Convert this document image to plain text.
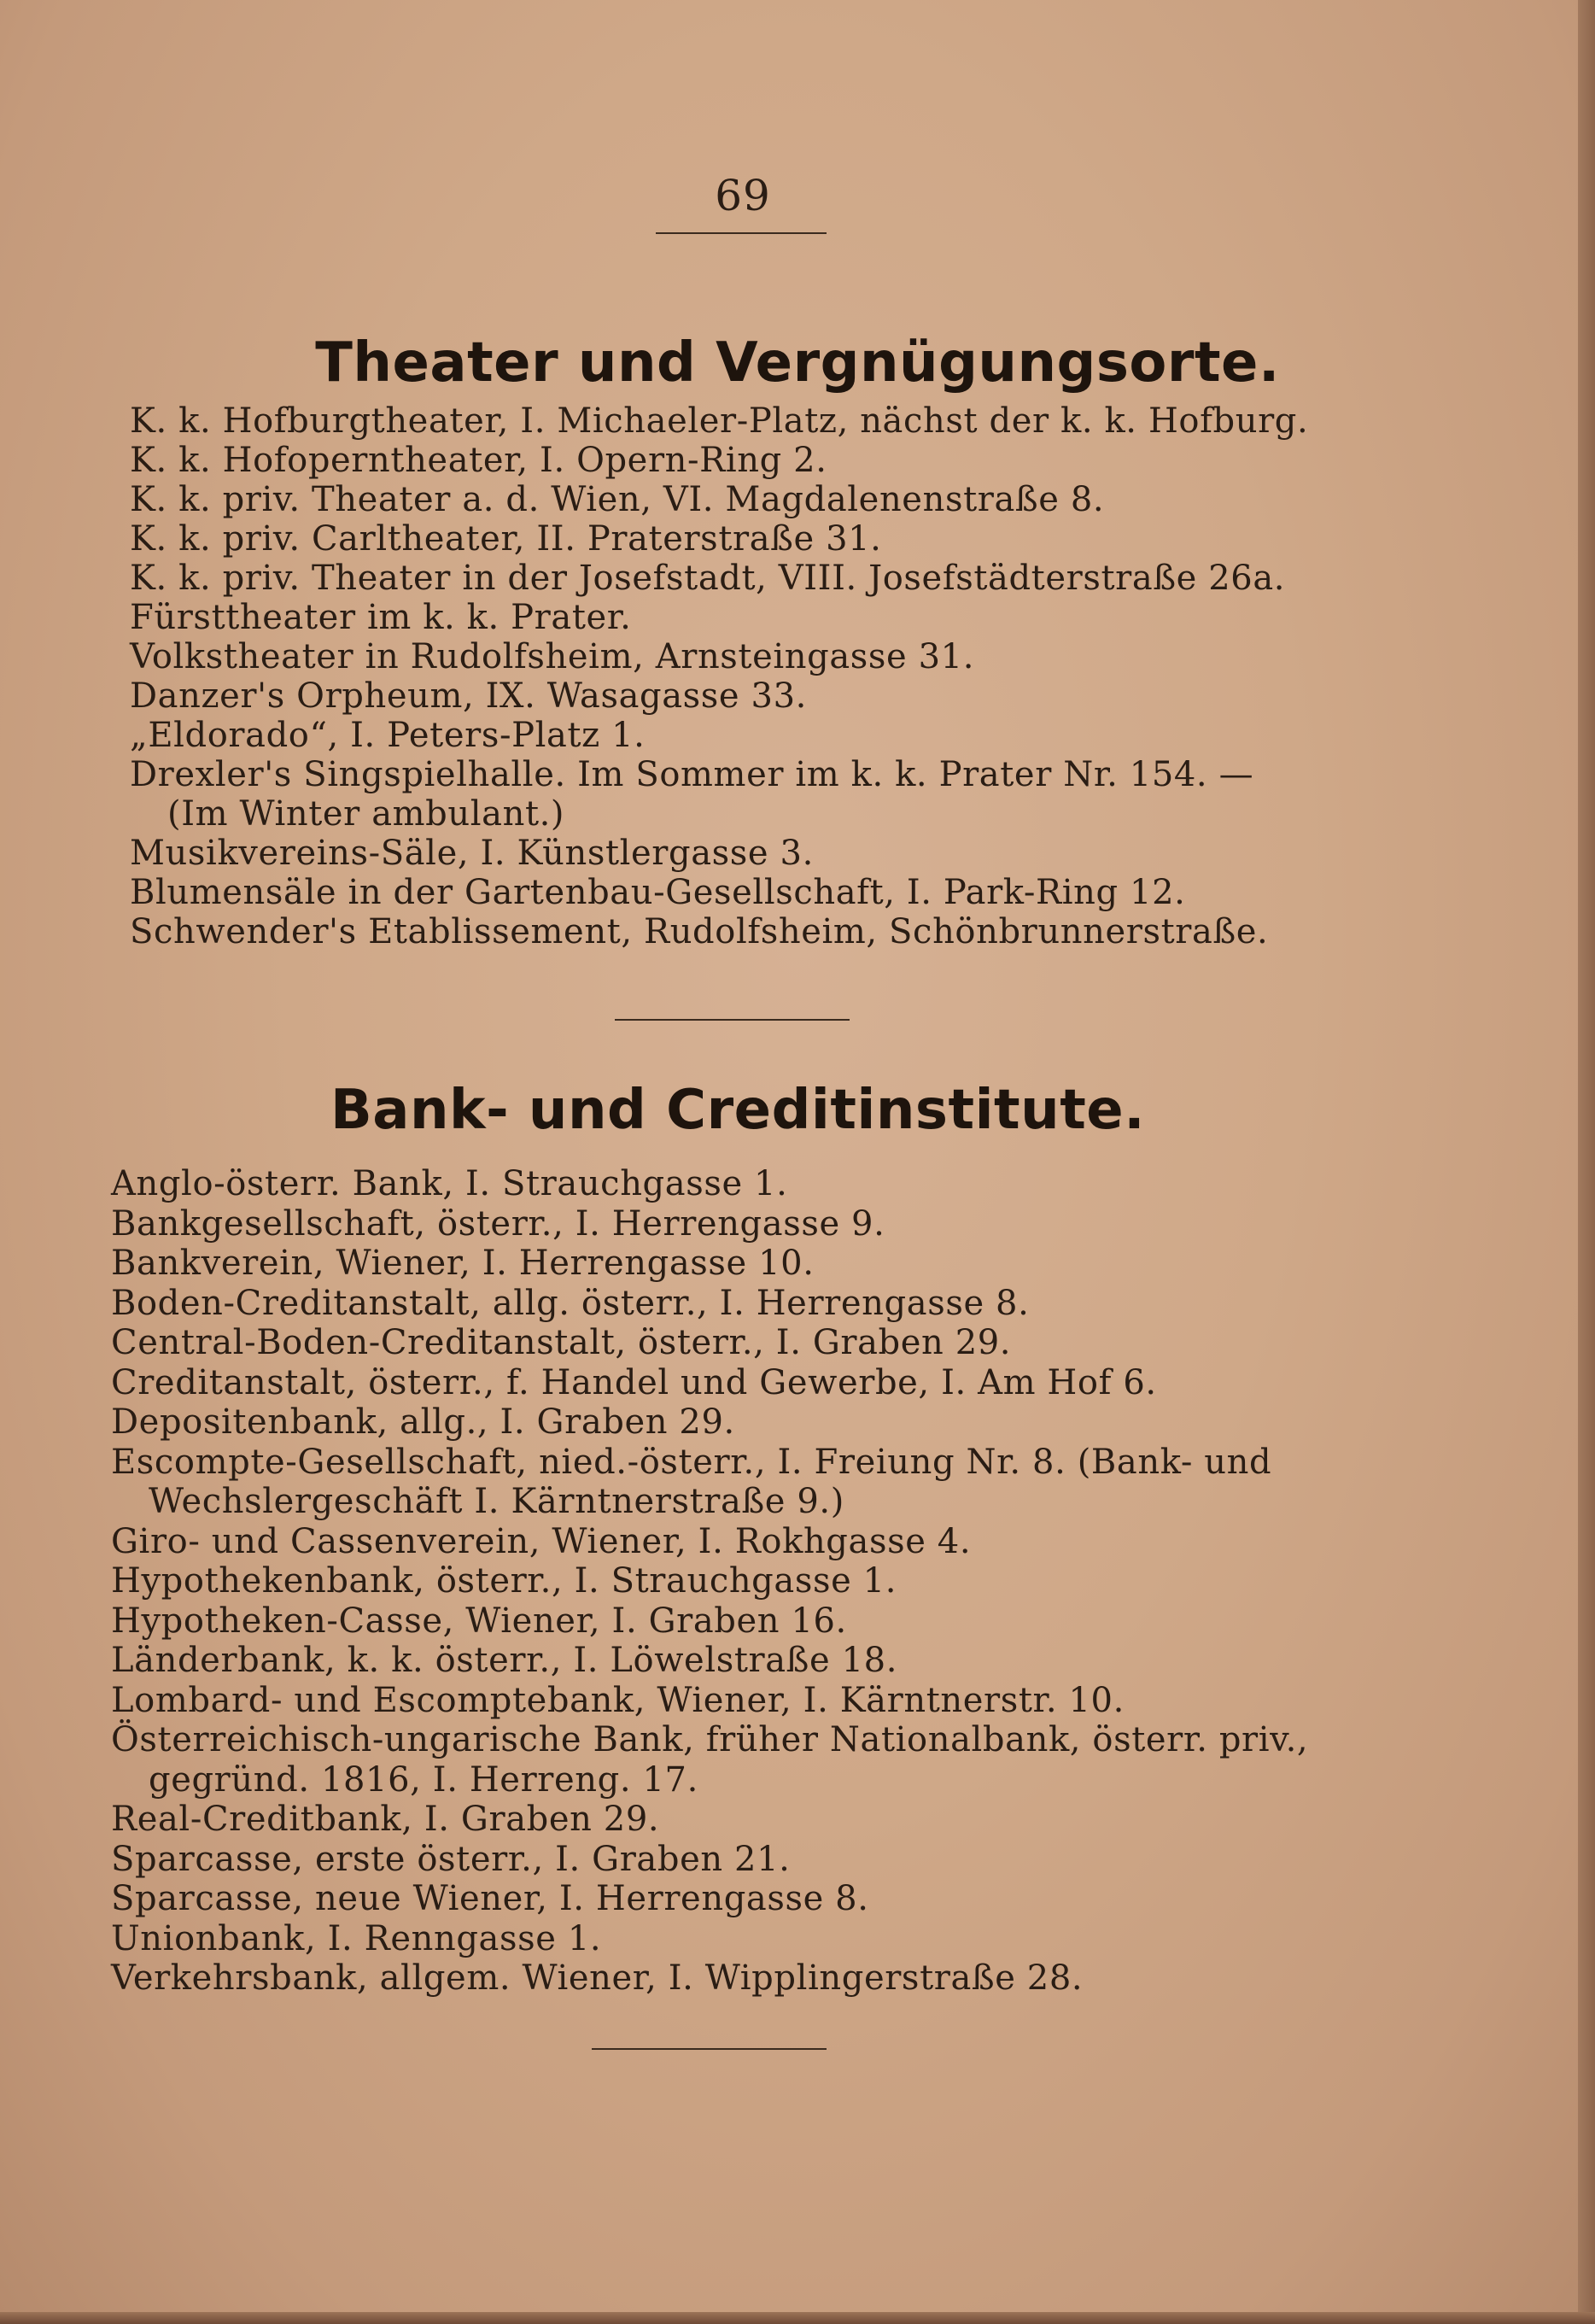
69
Theater und Vergnügungsorte.
K. k. Hofburgtheater, I. Michaeler-Platz, nächst der k. k. Hofburg.
K. k. Hofoperntheater, I. Opern-Ring 2.
K. k. priv. Theater a. d. Wien, VI. Magdalenenstraße 8.
K. k. priv. Carltheater, II. Praterstraße 31.
K. k. priv. Theater in der Josefstadt, VIII. Josefstädterstraße 26a.
Fürsttheater im k. k. Prater.
Volkstheater in Rudolfsheim, Arnsteingasse 31.
Danzer's Orpheum, IX. Wasagasse 33.
„Eldorado“, I. Peters-Platz 1.
Drexler's Singspielhalle. Im Sommer im k. k. Prater Nr. 154. —
(Im Winter ambulant.)
Musikvereins-Säle, I. Künstlergasse 3.
Blumensäle in der Gartenbau-Gesellschaft, I. Park-Ring 12.
Schwender's Etablissement, Rudolfsheim, Schönbrunnerstraße.
Bank- und Creditinstitute.
Anglo-österr. Bank, I. Strauchgasse 1.
Bankgesellschaft, österr., I. Herrengasse 9.
Bankverein, Wiener, I. Herrengasse 10.
Boden-Creditanstalt, allg. österr., I. Herrengasse 8.
Central-Boden-Creditanstalt, österr., I. Graben 29.
Creditanstalt, österr., f. Handel und Gewerbe, I. Am Hof 6.
Depositenbank, allg., I. Graben 29.
Escompte-Gesellschaft, nied.-österr., I. Freiung Nr. 8. (Bank- und
Wechslergeschäft I. Kärntnerstraße 9.)
Giro- und Cassenverein, Wiener, I. Rokhgasse 4.
Hypothekenbank, österr., I. Strauchgasse 1.
Hypotheken-Casse, Wiener, I. Graben 16.
Länderbank, k. k. österr., I. Löwelstraße 18.
Lombard- und Escomptebank, Wiener, I. Kärntnerstr. 10.
Österreichisch-ungarische Bank, früher Nationalbank, österr. priv.,
gegründ. 1816, I. Herreng. 17.
Real-Creditbank, I. Graben 29.
Sparcasse, erste österr., I. Graben 21.
Sparcasse, neue Wiener, I. Herrengasse 8.
Unionbank, I. Renngasse 1.
Verkehrsbank, allgem. Wiener, I. Wipplingerstraße 28.
